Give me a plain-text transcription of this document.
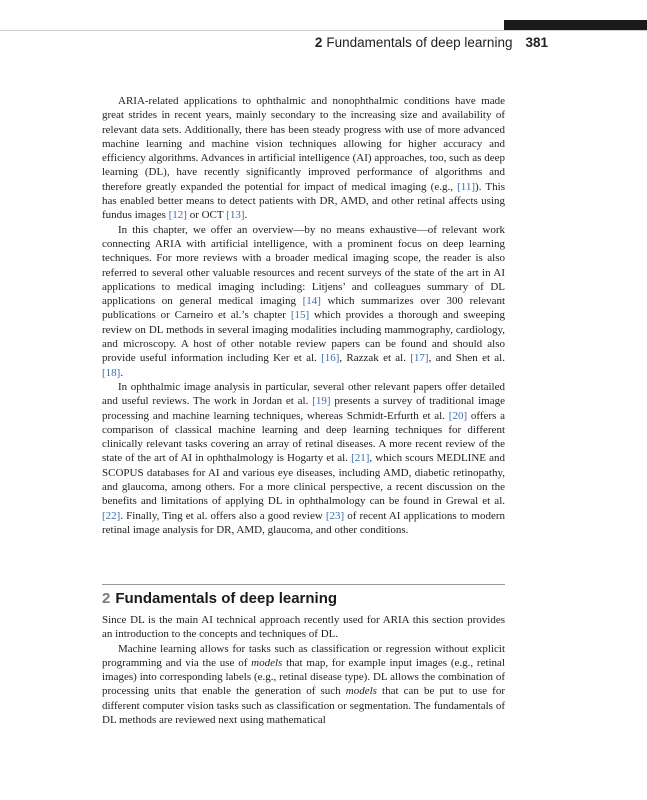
2 Fundamentals of deep learning 381

ARIA-related applications to ophthalmic and nonophthalmic conditions have made great strides in recent years, mainly secondary to the increasing size and availability of relevant data sets. Additionally, there has been steady progress with use of more advanced machine learning and machine vision techniques allowing for higher accuracy and efficiency algorithms. Advances in artificial intelligence (AI) approaches, too, such as deep learning (DL), have recently significantly improved performance of algorithms and therefore greatly expanded the potential for impact of medical imaging (e.g., [11]). This has enabled better means to detect patients with DR, AMD, and other retinal affects using fundus images [12] or OCT [13].

In this chapter, we offer an overview—by no means exhaustive—of relevant work connecting ARIA with artificial intelligence, with a prominent focus on deep learning techniques. For more reviews with a broader medical imaging scope, the reader is also referred to several other valuable resources and recent surveys of the state of the art in AI applications to medical imaging including: Litjens’ and colleagues summary of DL applications on general medical imaging [14] which summarizes over 300 relevant publications or Carneiro et al.’s chapter [15] which provides a thorough and sweeping review on DL methods in several imaging modalities including mammography, cardiology, and microscopy. A host of other notable review papers can be found and should also provide useful information including Ker et al. [16], Razzak et al. [17], and Shen et al. [18].

In ophthalmic image analysis in particular, several other relevant papers offer detailed and useful reviews. The work in Jordan et al. [19] presents a survey of traditional image processing and machine learning techniques, whereas Schmidt-Erfurth et al. [20] offers a comparison of classical machine learning and deep learning techniques for different clinically relevant tasks covering an array of retinal diseases. A more recent review of the state of the art of AI in ophthalmology is Hogarty et al. [21], which scours MEDLINE and SCOPUS databases for AI and various eye diseases, including AMD, diabetic retinopathy, and glaucoma, among others. For a more clinical perspective, a recent discussion on the benefits and limitations of applying DL in ophthalmology can be found in Grewal et al. [22]. Finally, Ting et al. offers also a good review [23] of recent AI applications to modern retinal image analysis for DR, AMD, glaucoma, and other conditions.

2 Fundamentals of deep learning

Since DL is the main AI technical approach recently used for ARIA this section provides an introduction to the concepts and techniques of DL.

Machine learning allows for tasks such as classification or regression without explicit programming and via the use of models that map, for example input images (e.g., retinal images) into corresponding labels (e.g., retinal disease type). DL allows the combination of processing units that enable the generation of such models that can be put to use for different computer vision tasks such as classification or segmentation. The fundamentals of DL methods are reviewed next using mathematical
